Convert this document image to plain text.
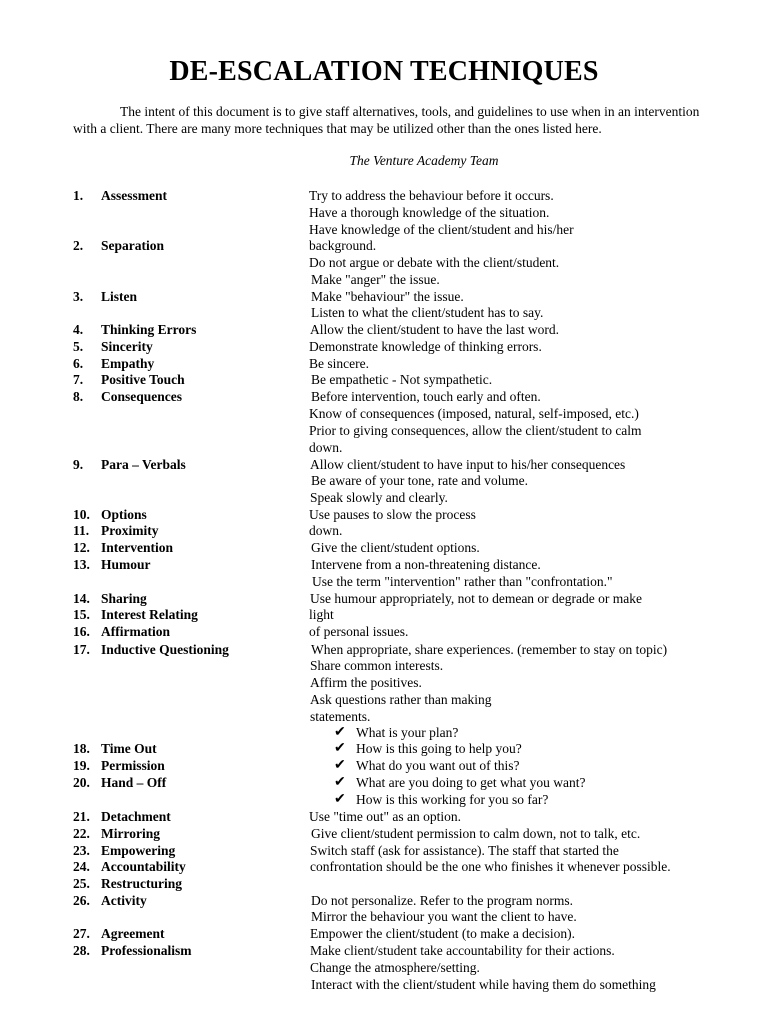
DE-ESCALATION TECHNIQUES

The intent of this document is to give staff alternatives, tools, and guidelines to use when in an intervention with a client. There are many more techniques that may be utilized other than the ones listed here.

The Venture Academy Team
1. Assessment
2. Separation
3. Listen
4. Thinking Errors
5. Sincerity
6. Empathy
7. Positive Touch
8. Consequences
9. Para – Verbals
10. Options
11. Proximity
12. Intervention
13. Humour
14. Sharing
15. Interest Relating
16. Affirmation
17. Inductive Questioning
18. Time Out
19. Permission
20. Hand – Off
21. Detachment
22. Mirroring
23. Empowering
24. Accountability
25. Restructuring
26. Activity
27. Agreement
28. Professionalism
Try to address the behaviour before it occurs.
Have a thorough knowledge of the situation.
Have knowledge of the client/student and his/her
background.
Do not argue or debate with the client/student.
Make "anger" the issue.
Make "behaviour" the issue.
Listen to what the client/student has to say.
Allow the client/student to have the last word.
Demonstrate knowledge of thinking errors.
Be sincere.
Be empathetic - Not sympathetic.
Before intervention, touch early and often.
Know of consequences (imposed, natural, self-imposed, etc.)
Prior to giving consequences, allow the client/student to calm
down.
Allow client/student to have input to his/her consequences
Be aware of your tone, rate and volume.
Speak slowly and clearly.
Use pauses to slow the process
down.
Give the client/student options.
Intervene from a non-threatening distance.
Use the term "intervention" rather than "confrontation."
Use humour appropriately, not to demean or degrade or make
light
of personal issues.
When appropriate, share experiences. (remember to stay on topic)
Share common interests.
Affirm the positives.
Ask questions rather than making
statements.
What is your plan?
✔
How is this going to help you?
✔
What do you want out of this?
✔
What are you doing to get what you want?
✔
How is this working for you so far?
✔
Use "time out" as an option.
Give client/student permission to calm down, not to talk, etc.
Switch staff (ask for assistance). The staff that started the
confrontation should be the one who finishes it whenever possible.
Do not personalize. Refer to the program norms.
Mirror the behaviour you want the client to have.
Empower the client/student (to make a decision).
Make client/student take accountability for their actions.
Change the atmosphere/setting.
Interact with the client/student while having them do something
